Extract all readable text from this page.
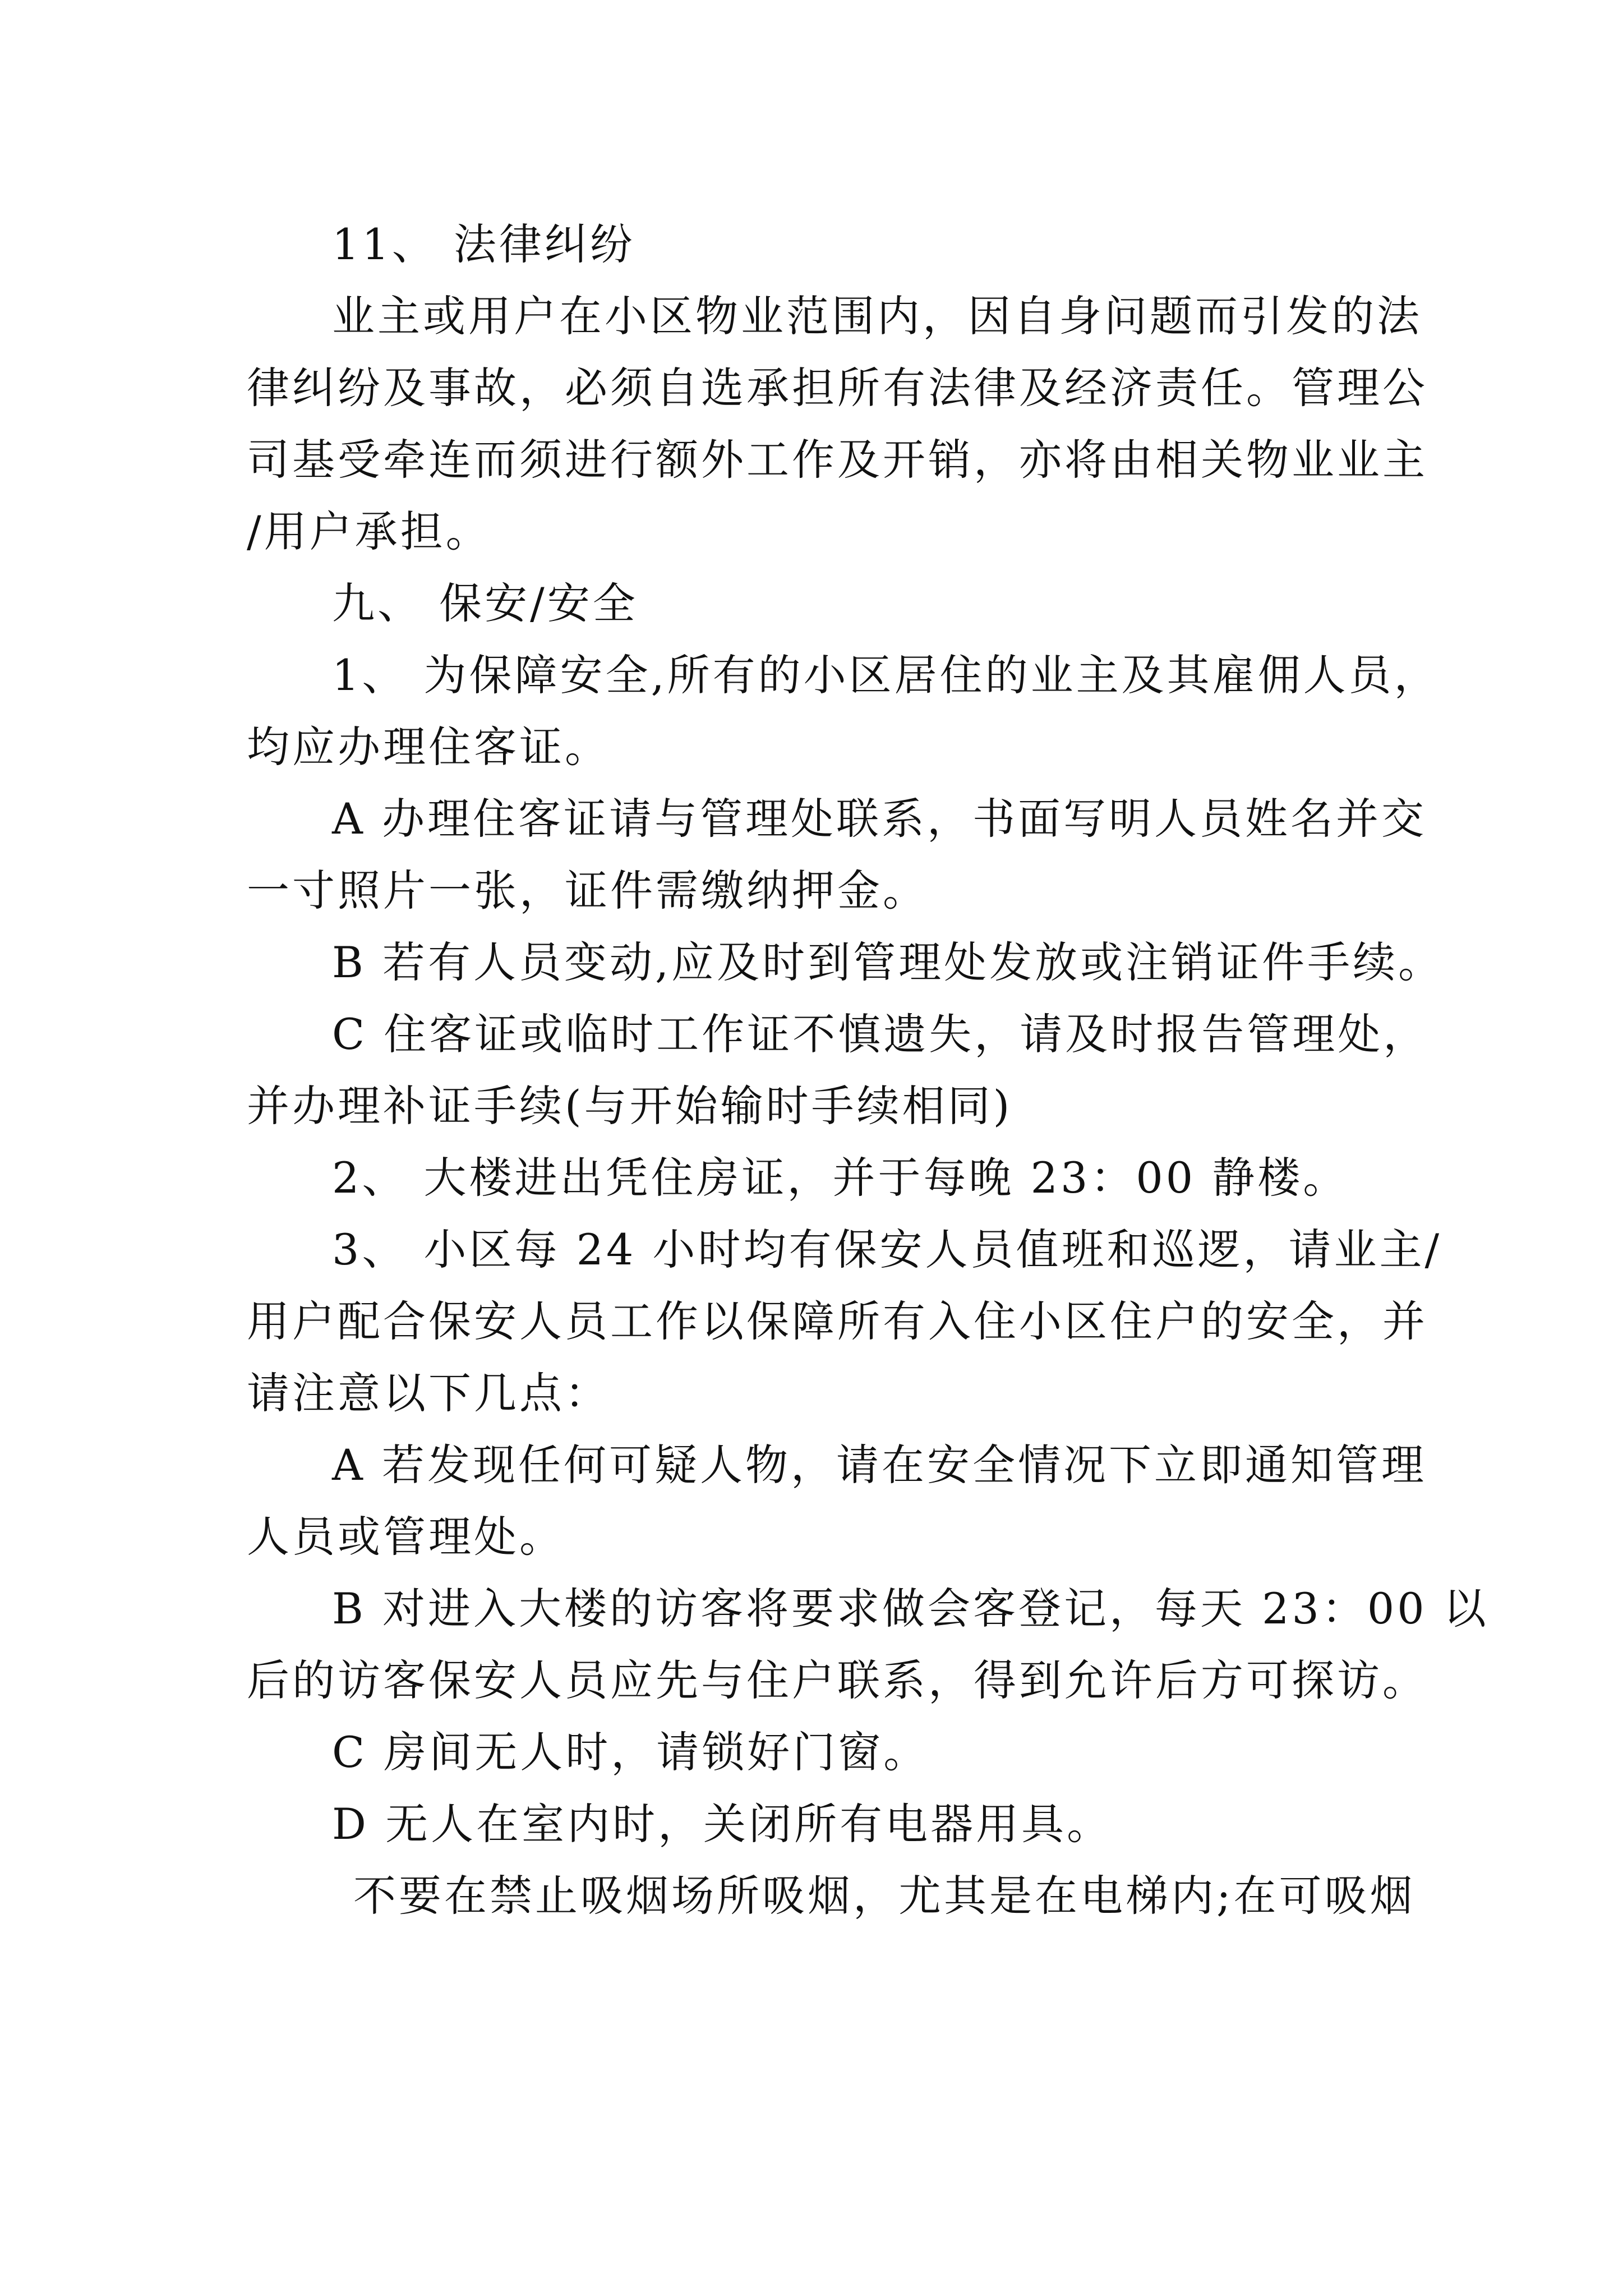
11、 法律纠纷
业主或用户在小区物业范围内，因自身问题而引发的法
律纠纷及事故，必须自选承担所有法律及经济责任。管理公
司基受牵连而须进行额外工作及开销，亦将由相关物业业主
/用户承担。
九、 保安/安全
1、 为保障安全,所有的小区居住的业主及其雇佣人员，
均应办理住客证。
A 办理住客证请与管理处联系，书面写明人员姓名并交
一寸照片一张，证件需缴纳押金。
B 若有人员变动,应及时到管理处发放或注销证件手续。
C 住客证或临时工作证不慎遗失，请及时报告管理处，
并办理补证手续(与开始输时手续相同)
2、 大楼进出凭住房证，并于每晚 23：00 静楼。
3、 小区每 24 小时均有保安人员值班和巡逻，请业主/
用户配合保安人员工作以保障所有入住小区住户的安全，并
请注意以下几点：
A 若发现任何可疑人物，请在安全情况下立即通知管理
人员或管理处。
B 对进入大楼的访客将要求做会客登记，每天 23：00 以
后的访客保安人员应先与住户联系，得到允许后方可探访。
C 房间无人时，请锁好门窗。
D 无人在室内时，关闭所有电器用具。
不要在禁止吸烟场所吸烟，尤其是在电梯内;在可吸烟
